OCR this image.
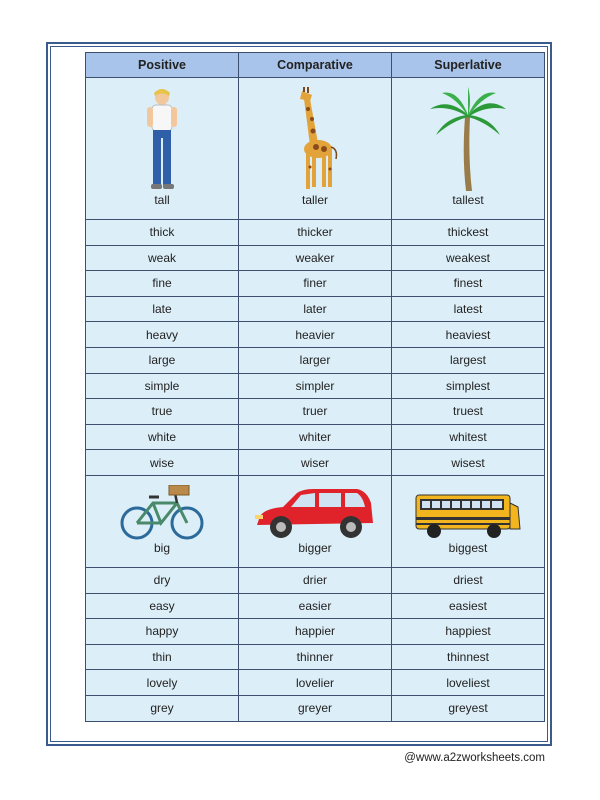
Positive	Comparative	Superlative

tall	taller	tallest

thick	thicker	thickest
weak	weaker	weakest
fine	finer	finest
late	later	latest
heavy	heavier	heaviest
large	larger	largest
simple	simpler	simplest
true	truer	truest
white	whiter	whitest
wise	wiser	wisest

big	bigger	biggest

dry	drier	driest
easy	easier	easiest
happy	happier	happiest
thin	thinner	thinnest
lovely	lovelier	loveliest
grey	greyer	greyest
@www.a2zworksheets.com
